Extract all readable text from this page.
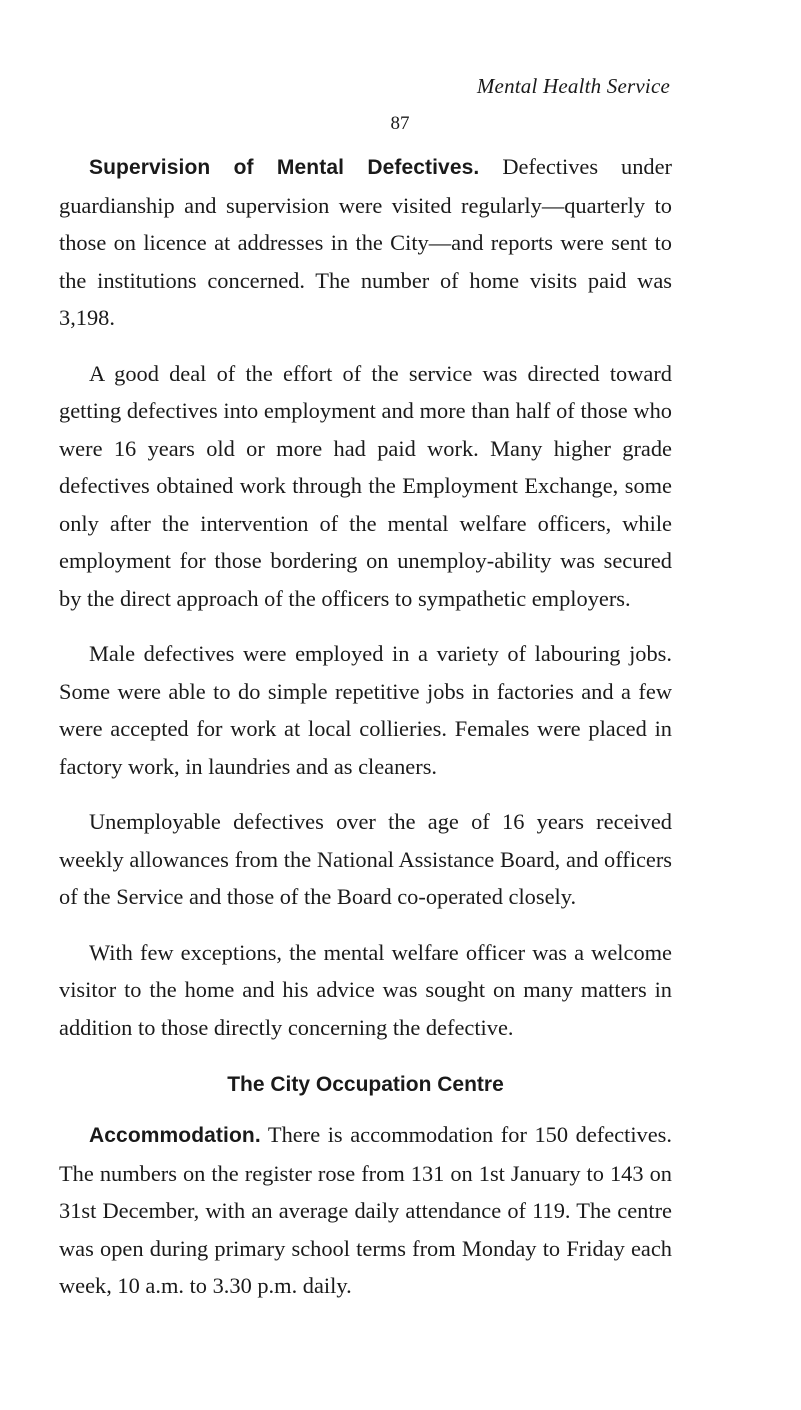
Mental Health Service

87

Supervision of Mental Defectives. Defectives under guardianship and supervision were visited regularly—quarterly to those on licence at addresses in the City—and reports were sent to the institutions concerned. The number of home visits paid was 3,198.

A good deal of the effort of the service was directed toward getting defectives into employment and more than half of those who were 16 years old or more had paid work. Many higher grade defectives obtained work through the Employment Exchange, some only after the intervention of the mental welfare officers, while employment for those bordering on unemploy-ability was secured by the direct approach of the officers to sympathetic employers.

Male defectives were employed in a variety of labouring jobs. Some were able to do simple repetitive jobs in factories and a few were accepted for work at local collieries. Females were placed in factory work, in laundries and as cleaners.

Unemployable defectives over the age of 16 years received weekly allowances from the National Assistance Board, and officers of the Service and those of the Board co-operated closely.

With few exceptions, the mental welfare officer was a welcome visitor to the home and his advice was sought on many matters in addition to those directly concerning the defective.

The City Occupation Centre

Accommodation. There is accommodation for 150 defectives. The numbers on the register rose from 131 on 1st January to 143 on 31st December, with an average daily attendance of 119. The centre was open during primary school terms from Monday to Friday each week, 10 a.m. to 3.30 p.m. daily.
